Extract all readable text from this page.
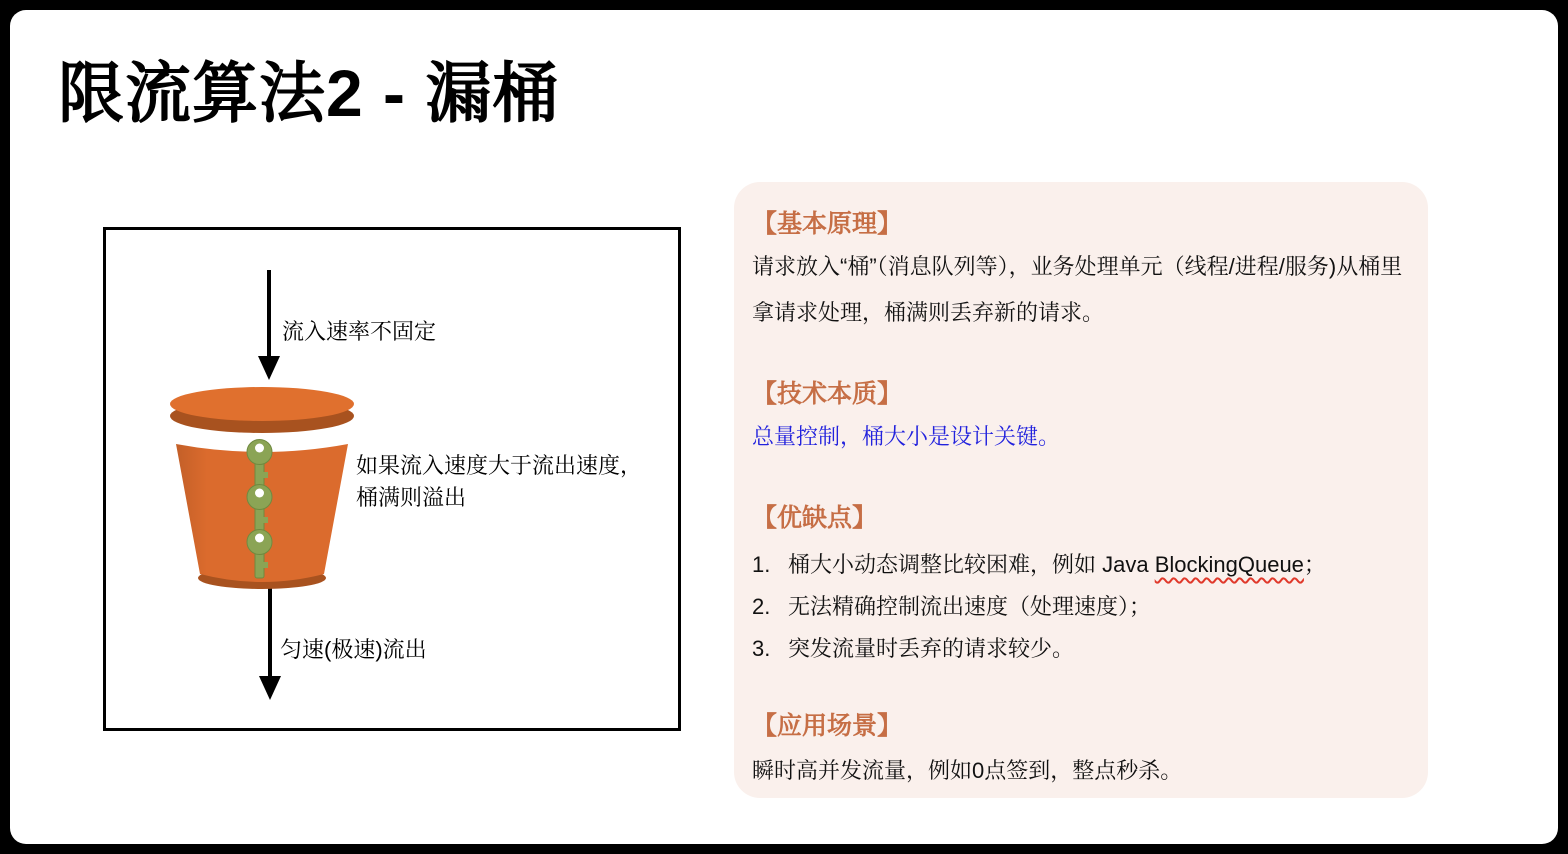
限流算法2 - 漏桶
流入速率不固定
如果流入速度大于流出速度，
桶满则溢出
匀速(极速)流出
【基本原理】
请求放入“桶”（消息队列等），业务处理单元（线程/进程/服务)从桶里拿请求处理，桶满则丢弃新的请求。
【技术本质】
总量控制，桶大小是设计关键。
【优缺点】
1. 桶大小动态调整比较困难，例如 Java BlockingQueue；
2. 无法精确控制流出速度（处理速度）；
3. 突发流量时丢弃的请求较少。
【应用场景】
瞬时高并发流量，例如0点签到，整点秒杀。
